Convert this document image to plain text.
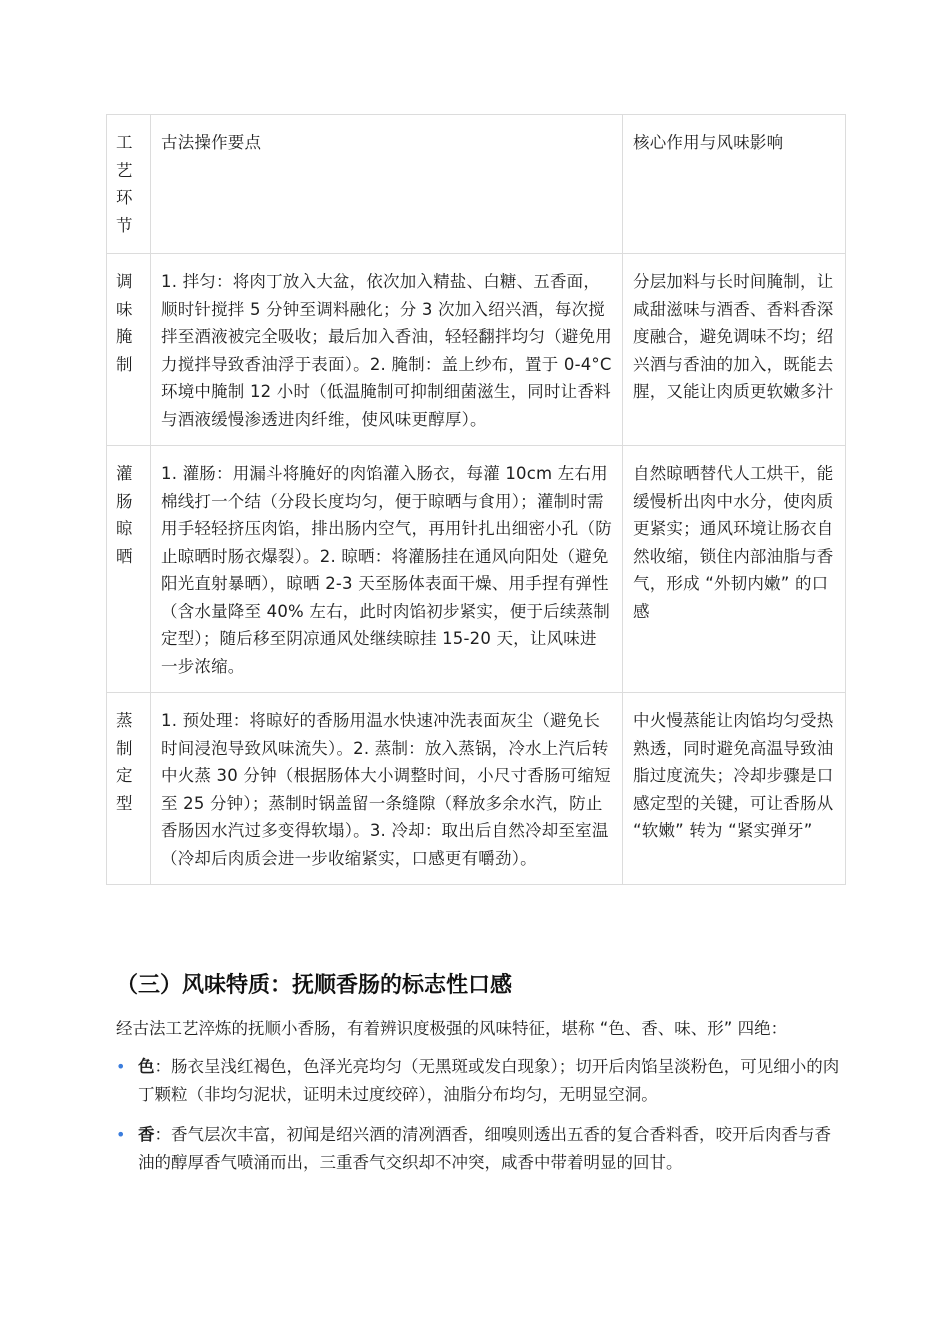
工艺环节	古法操作要点	核心作用与风味影响
调味腌制	1. 拌匀：将肉丁放入大盆，依次加入精盐、白糖、五香面，顺时针搅拌 5 分钟至调料融化；分 3 次加入绍兴酒，每次搅拌至酒液被完全吸收；最后加入香油，轻轻翻拌均匀（避免用力搅拌导致香油浮于表面）。2. 腌制：盖上纱布，置于 0-4°C环境中腌制 12 小时（低温腌制可抑制细菌滋生，同时让香料与酒液缓慢渗透进肉纤维，使风味更醇厚）。	分层加料与长时间腌制，让咸甜滋味与酒香、香料香深度融合，避免调味不均；绍兴酒与香油的加入，既能去腥，又能让肉质更软嫩多汁
灌肠晾晒	1. 灌肠：用漏斗将腌好的肉馅灌入肠衣，每灌 10cm 左右用棉线打一个结（分段长度均匀，便于晾晒与食用）；灌制时需用手轻轻挤压肉馅，排出肠内空气，再用针扎出细密小孔（防止晾晒时肠衣爆裂）。2. 晾晒：将灌肠挂在通风向阳处（避免阳光直射暴晒），晾晒 2-3 天至肠体表面干燥、用手捏有弹性（含水量降至 40% 左右，此时肉馅初步紧实，便于后续蒸制定型）；随后移至阴凉通风处继续晾挂 15-20 天，让风味进一步浓缩。	自然晾晒替代人工烘干，能缓慢析出肉中水分，使肉质更紧实；通风环境让肠衣自然收缩，锁住内部油脂与香气，形成 “外韧内嫩” 的口感
蒸制定型	1. 预处理：将晾好的香肠用温水快速冲洗表面灰尘（避免长时间浸泡导致风味流失）。2. 蒸制：放入蒸锅，冷水上汽后转中火蒸 30 分钟（根据肠体大小调整时间，小尺寸香肠可缩短至 25 分钟）；蒸制时锅盖留一条缝隙（释放多余水汽，防止香肠因水汽过多变得软塌）。3. 冷却：取出后自然冷却至室温（冷却后肉质会进一步收缩紧实，口感更有嚼劲）。	中火慢蒸能让肉馅均匀受热熟透，同时避免高温导致油脂过度流失；冷却步骤是口感定型的关键，可让香肠从 “软嫩” 转为 “紧实弹牙”
（三）风味特质：抚顺香肠的标志性口感

经古法工艺淬炼的抚顺小香肠，有着辨识度极强的风味特征，堪称 “色、香、味、形” 四绝：

• 色：肠衣呈浅红褐色，色泽光亮均匀（无黑斑或发白现象）；切开后肉馅呈淡粉色，可见细小的肉丁颗粒（非均匀泥状，证明未过度绞碎），油脂分布均匀，无明显空洞。
• 香：香气层次丰富，初闻是绍兴酒的清冽酒香，细嗅则透出五香的复合香料香，咬开后肉香与香油的醇厚香气喷涌而出，三重香气交织却不冲突，咸香中带着明显的回甘。
